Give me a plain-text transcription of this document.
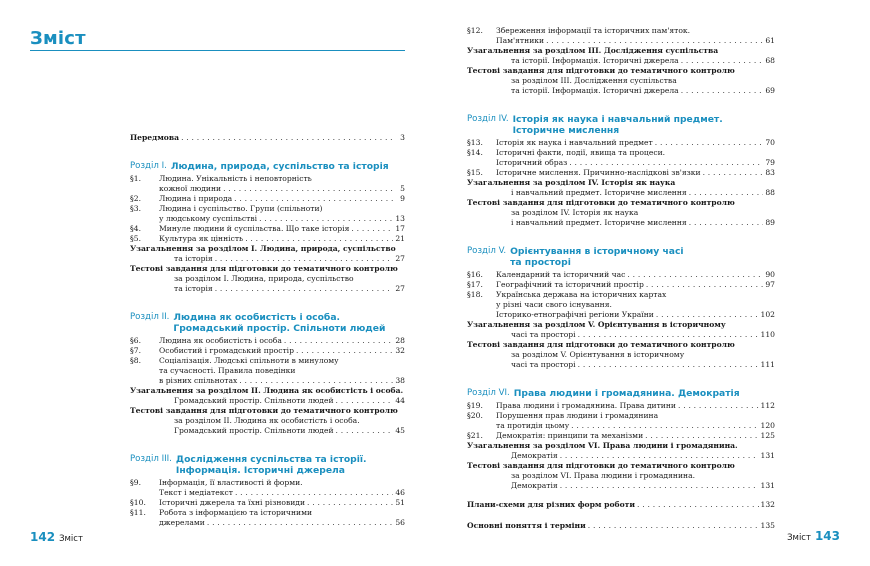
Зміст
Передмова . . .	3
Розділ I. Людина, природа, суспільство та історія
§1.	Людина. Унікальність і неповторність
кожної людини . . .	5
§2.	Людина і природа . . .	9
§3.	Людина і суспільство. Групи (спільноти)
у людському суспільстві . . .	13
§4.	Минуле людини й суспільства. Що таке історія . . .	17
§5.	Культура як цінність . . .	21
Узагальнення за розділом I. Людина, природа, суспільство
та історія . . .	27
Тестові завдання для підготовки до тематичного контролю
за розділом I. Людина, природа, суспільство
та історія . . .	27
Розділ II. Людина як особистість і особа.
Громадський простір. Спільноти людей
§6.	Людина як особистість і особа . . .	28
§7.	Особистий і громадський простір . . .	32
§8.	Соціалізація. Людські спільноти в минулому
та сучасності. Правила поведінки
в різних спільнотах . . .	38
Узагальнення за розділом II. Людина як особистість і особа.
Громадський простір. Спільноти людей . . .	44
Тестові завдання для підготовки до тематичного контролю
за розділом II. Людина як особистість і особа.
Громадський простір. Спільноти людей . . .	45
Розділ III. Дослідження суспільства та історії.
Інформація. Історичні джерела
§9.	Інформація, її властивості й форми.
Текст і медіатекст . . .	46
§10.	Історичні джерела та їхні різновиди . . .	51
§11.	Робота з інформацією та історичними
джерелами . . .	56
142 Зміст
§12.	Збереження інформації та історичних пам'яток.
Пам'ятники . . .	61
Узагальнення за розділом III. Дослідження суспільства
та історії. Інформація. Історичні джерела . . .	68
Тестові завдання для підготовки до тематичного контролю
за розділом III. Дослідження суспільства
та історії. Інформація. Історичні джерела . . .	69
Розділ IV. Історія як наука і навчальний предмет.
Історичне мислення
§13.	Історія як наука і навчальний предмет . . .	70
§14.	Історичні факти, події, явища та процеси.
Історичний образ . . .	79
§15.	Історичне мислення. Причинно-наслідкові зв'язки . . .	83
Узагальнення за розділом IV. Історія як наука
і навчальний предмет. Історичне мислення . . .	88
Тестові завдання для підготовки до тематичного контролю
за розділом IV. Історія як наука
і навчальний предмет. Історичне мислення . . .	89
Розділ V. Орієнтування в історичному часі
та просторі
§16.	Календарний та історичний час . . .	90
§17.	Географічний та історичний простір . . .	97
§18.	Українська держава на історичних картах
у різні часи свого існування.
Історико-етнографічні регіони України . . .	102
Узагальнення за розділом V. Орієнтування в історичному
часі та просторі . . .	110
Тестові завдання для підготовки до тематичного контролю
за розділом V. Орієнтування в історичному
часі та просторі . . .	111
Розділ VI. Права людини і громадянина. Демократія
§19.	Права людини і громадянина. Права дитини . . .	112
§20.	Порушення прав людини і громадянина
та протидія цьому . . .	120
§21.	Демократія: принципи та механізми . . .	125
Узагальнення за розділом VI. Права людини і громадянина.
Демократія . . .	131
Тестові завдання для підготовки до тематичного контролю
за розділом VI. Права людини і громадянина.
Демократія . . .	131
Плани-схеми для різних форм роботи . . .	132
Основні поняття і терміни . . .	135
Зміст 143
